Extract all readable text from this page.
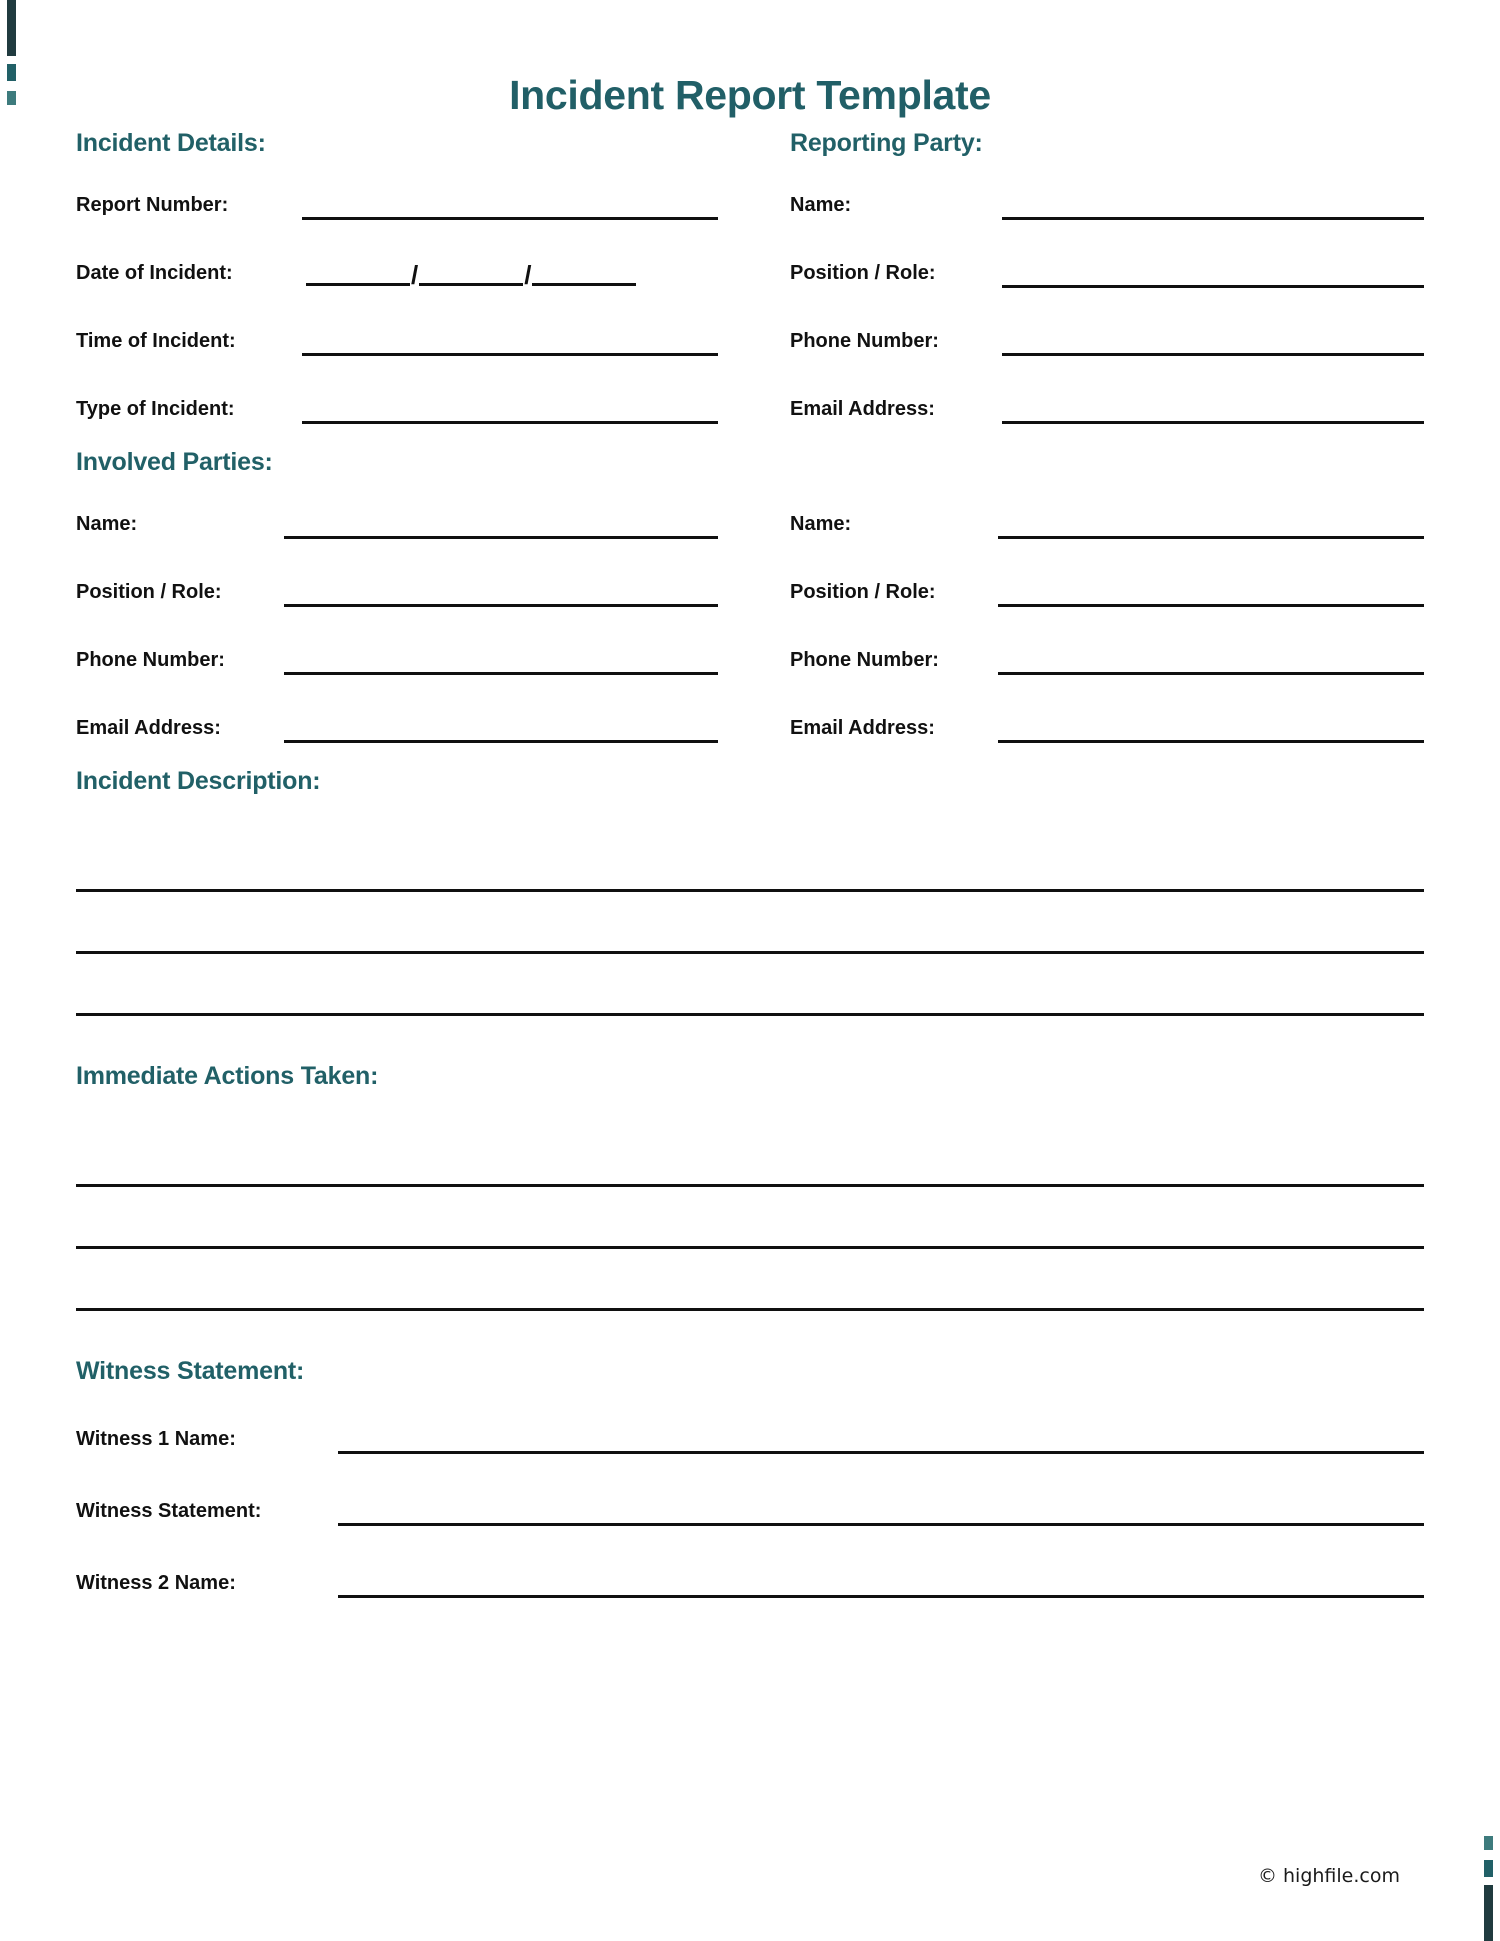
Incident Report Template
Incident Details:
Report Number:
Date of Incident:	/	/
Time of Incident:
Type of Incident:
Reporting Party:
Name:
Position / Role:
Phone Number:
Email Address:
Involved Parties:
Name:
Position / Role:
Phone Number:
Email Address:
Name:
Position / Role:
Phone Number:
Email Address:
Incident Description:
Immediate Actions Taken:
Witness Statement:
Witness 1 Name:
Witness Statement:
Witness 2 Name:
© highfile.com
